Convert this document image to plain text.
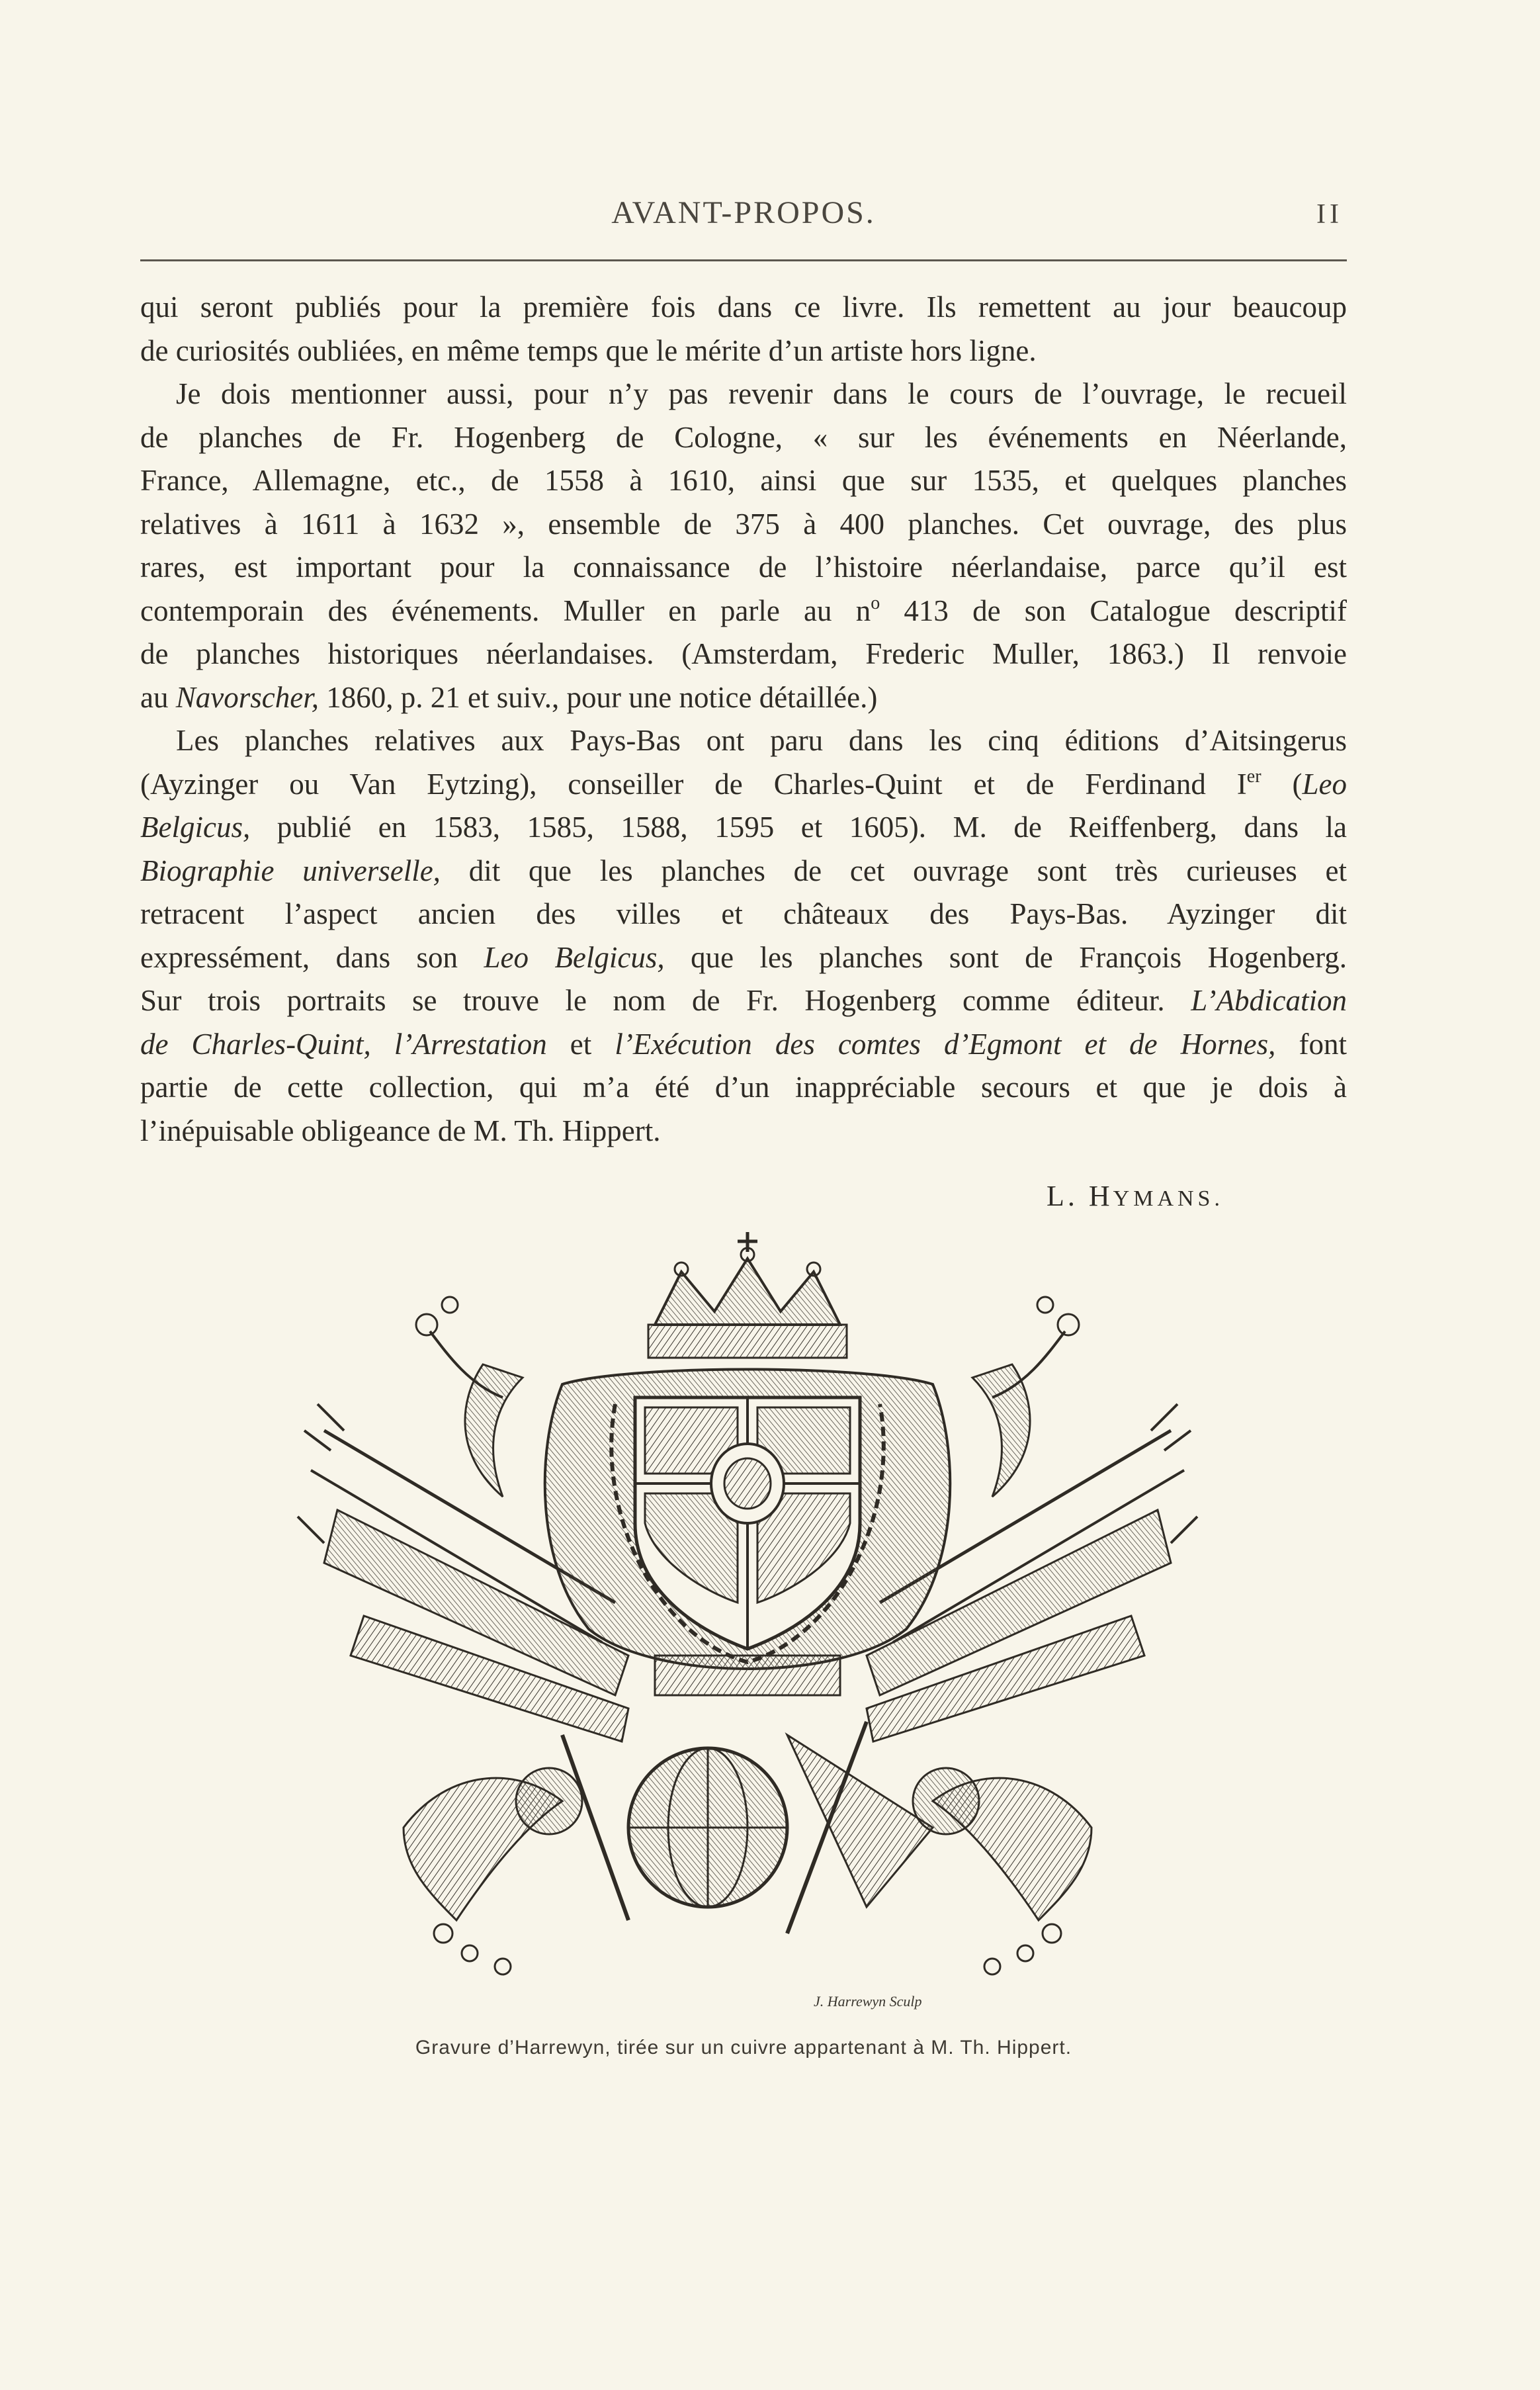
AVANT-PROPOS.	II

qui seront publiés pour la première fois dans ce livre. Ils remettent au jour beaucoup
de curiosités oubliées, en même temps que le mérite d’un artiste hors ligne.

Je dois mentionner aussi, pour n’y pas revenir dans le cours de l’ouvrage, le recueil
de planches de Fr. Hogenberg de Cologne, « sur les événements en Néerlande,
France, Allemagne, etc., de 1558 à 1610, ainsi que sur 1535, et quelques planches
relatives à 1611 à 1632 », ensemble de 375 à 400 planches. Cet ouvrage, des plus
rares, est important pour la connaissance de l’histoire néerlandaise, parce qu’il est
contemporain des événements. Muller en parle au $n^o$ 413 de son Catalogue descriptif
de planches historiques néerlandaises. (Amsterdam, Frederic Muller, 1863.) Il renvoie
au Navorscher, 1860, p. 21 et suiv., pour une notice détaillée.)

Les planches relatives aux Pays-Bas ont paru dans les cinq éditions d’Aitsingerus
(Ayzinger ou Van Eytzing), conseiller de Charles-Quint et de Ferdinand Ier (Leo
Belgicus, publié en 1583, 1585, 1588, 1595 et 1605). M. de Reiffenberg, dans la
Biographie universelle, dit que les planches de cet ouvrage sont très curieuses et
retracent l’aspect ancien des villes et châteaux des Pays-Bas. Ayzinger dit
expressément, dans son Leo Belgicus, que les planches sont de François Hogenberg.
Sur trois portraits se trouve le nom de Fr. Hogenberg comme éditeur. L’Abdication
de Charles-Quint, l’Arrestation et l’Exécution des comtes d’Egmont et de Hornes, font
partie de cette collection, qui m’a été d’un inappréciable secours et que je dois à
l’inépuisable obligeance de M. Th. Hippert.

L. HYMANS.
J. Harrewyn Sculp
Gravure d’Harrewyn, tirée sur un cuivre appartenant à M. Th. Hippert.
